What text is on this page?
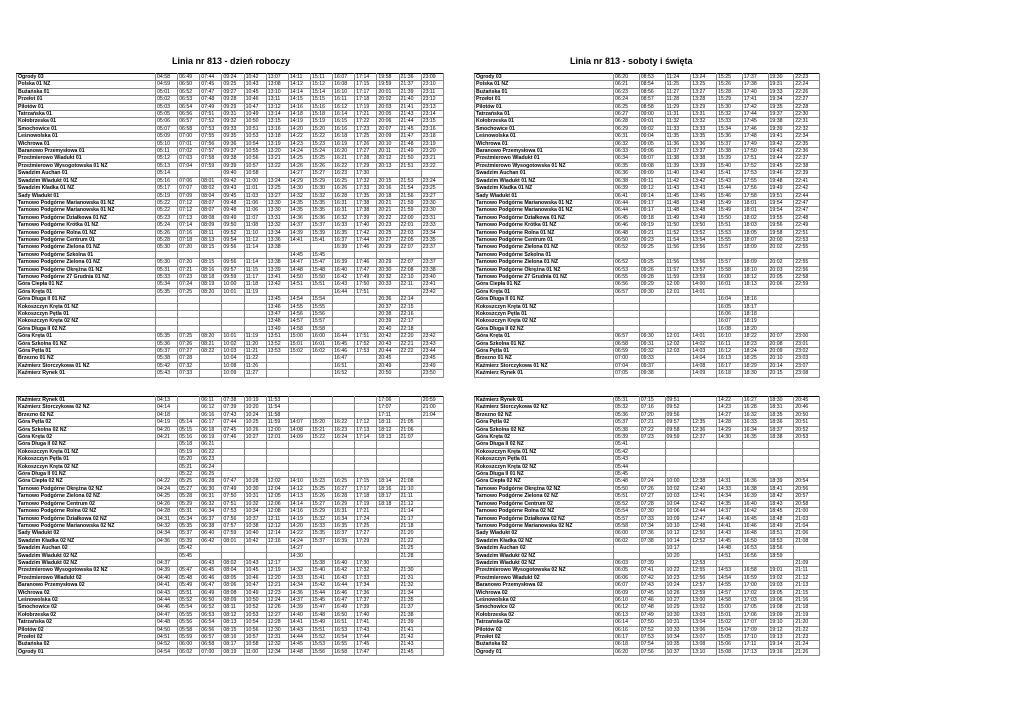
Linia nr 813 - dzień roboczy	Linia nr 813 - soboty i święta
Ogrody 03	04:58	06:49	07:44	09:24	10:42	13:07	14:11	15:11	16:07	17:14	19:58	21:36	23:09
Polska 01 NŻ	04:59	06:50	07:45	09:25	10:43	13:08	14:12	15:12	16:08	17:15	19:59	21:37	23:10
Bużańska 01	05:01	06:52	07:47	09:27	10:45	13:10	14:14	15:14	16:10	17:17	20:01	21:39	23:11
Przełot 01	05:02	06:53	07:48	09:28	10:46	13:11	14:15	15:15	16:11	17:18	20:02	21:40	23:12
Pilotów 01	05:03	06:54	07:49	09:29	10:47	13:12	14:16	15:16	16:12	17:19	20:03	21:41	23:13
Tatrzańska 01	05:05	06:56	07:51	09:31	10:49	13:14	14:18	15:18	16:14	17:21	20:05	21:43	23:14
Kołobrzeska 01	05:06	06:57	07:52	09:32	10:50	13:15	14:19	15:19	16:15	17:22	20:06	21:44	23:15
Smochowice 01	05:07	06:58	07:53	09:33	10:51	13:16	14:20	15:20	16:16	17:23	20:07	21:45	23:16
Leśnowolska 01	05:09	07:00	07:55	09:35	10:53	13:18	14:22	15:22	16:18	17:25	20:09	21:47	23:18
Wichrowa 01	05:10	07:01	07:56	09:36	10:54	13:19	14:23	15:23	16:19	17:26	20:10	21:48	23:19
Baranowo Przemysłowa 01	05:11	07:02	07:57	09:37	10:55	13:20	14:24	15:24	16:20	17:27	20:11	21:49	23:20
Przeźmierowo Wiadukt 01	05:12	07:03	07:58	09:38	10:56	13:21	14:25	15:25	16:21	17:28	20:12	21:50	23:21
Przeźmierowo Wysogotowska 01 NŻ	05:13	07:04	07:59	09:39	10:57	13:22	14:26	15:26	16:22	17:29	20:13	21:51	23:22
Swadzim Auchan 01	05:14			09:40	10:58		14:27	15:27	16:23	17:30			
Swadzim Wiadukt 01 NŻ	05:16	07:06	08:01	09:42	11:00	13:24	14:29	15:29	16:25	17:32	20:15	21:53	23:24
Swadzim Kładka 01 NŻ	05:17	07:07	08:02	09:43	11:01	13:25	14:30	15:30	16:26	17:33	20:16	21:54	23:25
Sady Wiadukt 01	05:19	07:09	08:04	09:45	11:03	13:27	14:32	15:32	16:28	17:35	20:18	21:56	23:27
Tarnowo Podgórne Marianowska 01 NŻ	05:22	07:12	08:07	09:48	11:06	13:30	14:35	15:35	16:31	17:38	20:21	21:59	23:30
Tarnowo Podgórne Marianowska 01 NŻ	05:22	07:12	08:07	09:48	11:06	13:30	14:35	15:35	16:31	17:38	20:21	21:59	23:30
Tarnowo Podgórne Działkowa 01 NŻ	05:23	07:13	08:08	09:49	11:07	13:31	14:36	15:36	16:32	17:39	20:22	22:00	23:31
Tarnowo Podgórne Krótka 01 NŻ	05:24	07:14	08:09	09:50	11:08	13:32	14:37	15:37	16:33	17:40	20:23	22:01	23:33
Tarnowo Podgórne Rolna 01 NŻ	05:26	07:16	08:11	09:52	11:10	13:34	14:39	15:39	16:35	17:42	20:25	22:03	23:34
Tarnowo Podgórne Centrum 01	05:28	07:18	08:13	09:54	11:12	13:36	14:41	15:41	16:37	17:44	20:27	22:05	23:35
Tarnowo Podgórne Zielona 01 NŻ	05:30	07:20	08:15	09:56	11:14	13:38			16:39	17:46	20:29	22:07	23:37
Tarnowo Podgórne Szkolna 01							14:45	15:45					
Tarnowo Podgórne Zielona 01 NŻ	05:30	07:20	08:15	09:56	11:14	13:38	14:47	15:47	16:39	17:46	20:29	22:07	23:37
Tarnowo Podgórne Okrężna 01 NŻ	05:31	07:21	08:16	09:57	11:15	13:39	14:48	15:48	16:40	17:47	20:30	22:08	23:38
Tarnowo Podgórne 27 Grudnia 01 NŻ	05:33	07:23	08:18	09:59	11:17	13:41	14:50	15:50	16:42	17:49	20:32	22:10	23:40
Góra Ciepła 01 NŻ	05:34	07:24	08:19	10:00	11:18	13:42	14:51	15:51	16:43	17:50	20:33	22:11	23:41
Góra Kręta 01	05:35	07:25	08:20	10:01	11:19				16:44	17:51			23:42
Góra Długa II 01 NŻ						13:45	14:54	15:54			20:36	22:14	
Kokoszczyn Kręta 01 NŻ						13:46	14:55	15:55			20:37	22:15	
Kokoszczyn Pętla 01						13:47	14:56	15:56			20:38	22:16	
Kokoszczyn Kręta 02 NŻ						13:48	14:57	15:57			20:39	22:17	
Góra Długa II 02 NŻ						13:49	14:58	15:58			20:40	22:18	
Góra Kręta 01	05:35	07:25	08:20	10:01	11:19	13:51	15:00	16:00	16:44	17:51	20:42	22:20	23:42
Góra Szkolna 01 NŻ	05:36	07:26	08:21	10:02	11:20	13:52	15:01	16:01	16:45	17:52	20:43	22:21	23:43
Góra Pętla 01	05:37	07:27	08:22	10:03	11:21	13:53	15:02	16:02	16:46	17:53	20:44	22:22	23:44
Brzezno 01 NŻ	05:38	07:28		10:04	11:22				16:47		20:45		23:45
Kaźmierz Storczykowa 01 NŻ	05:42	07:32		10:08	11:26				16:51		20:49		23:49
Kaźmierz Rynek 01	05:43	07:33		10:09	11:27				16:52		20:50		23:50
Kaźmierz Rynek 01	04:13		06:11	07:38	10:19	11:53					17:06		20:59
Kaźmierz Storczykowa 02 NŻ	04:14		06:12	07:39	10:20	11:54					17:07		21:00
Brzezno 02 NŻ	04:18		06:16	07:43	10:24	11:58					17:11		21:04
Góra Pętla 02	04:19	05:14	06:17	07:44	10:25	11:59	14:07	15:20	16:22	17:12	18:11	21:05	
Góra Szkolna 02 NŻ	04:20	05:15	06:18	07:45	10:26	12:00	14:08	15:21	16:23	17:13	18:12	21:06	
Góra Kręta 02	04:21	05:16	06:19	07:46	10:27	12:01	14:09	15:22	16:24	17:14	18:13	21:07	
Góra Długa II 02 NŻ		05:18	06:21										
Kokoszczyn Kręta 01 NŻ		05:19	06:22										
Kokoszczyn Pętla 01		05:20	06:23										
Kokoszczyn Kręta 02 NŻ		05:21	06:24										
Góra Długa II 01 NŻ		05:22	06:25										
Góra Ciepła 02 NŻ	04:22	05:25	06:28	07:47	10:28	12:02	14:10	15:23	16:25	17:15	18:14	21:08	
Tarnowo Podgórne Okrężna 02 NŻ	04:24	05:27	06:30	07:49	10:30	12:04	14:12	15:25	16:27	17:17	18:16	21:10	
Tarnowo Podgórne Zielona 02 NŻ	04:25	05:28	06:31	07:50	10:31	12:05	14:13	15:26	16:28	17:18	18:17	21:11	
Tarnowo Podgórne Centrum 02	04:26	05:29	06:32	07:51	10:32	12:06	14:14	15:27	16:29	17:19	18:18	21:12	
Tarnowo Podgórne Rolna 02 NŻ	04:28	05:31	06:34	07:53	10:34	12:08	14:16	15:29	16:31	17:21		21:14	
Tarnowo Podgórne Działkowa 02 NŻ	04:31	05:34	06:37	07:56	10:37	12:11	14:19	15:32	16:34	17:24		21:17	
Tarnowo Podgórne Marianowska 02 NŻ	04:32	05:35	06:38	07:57	10:38	12:12	14:20	15:33	16:35	17:25		21:18	
Sady Wiadukt 02	04:34	05:37	06:40	07:59	10:40	12:14	14:22	15:35	16:37	17:27		21:20	
Swadzim Kładka 02 NŻ	04:36	05:39	06:42	08:01	10:42	12:16	14:24	15:37	16:39	17:29		21:22	
Swadzim Auchan 02		05:42					14:27					21:25	
Swadzim Wiadukt 02 NŻ		05:45					14:30					21:28	
Swadzim Wiadukt 02 NŻ	04:37		06:43	08:02	10:43	12:17		15:38	16:40	17:30			
Przeźmierowo Wysogotowska 02 NŻ	04:39	05:47	06:45	08:04	10:45	12:19	14:32	15:40	16:42	17:32		21:30	
Przeźmierowo Wiadukt 02	04:40	05:48	06:46	08:05	10:46	12:20	14:33	15:41	16:43	17:33		21:31	
Baranowo Przemysłowa 02	04:41	05:49	06:47	08:06	10:47	12:21	14:34	15:42	16:44	17:34		21:32	
Wichrowa 02	04:43	05:51	06:49	08:08	10:49	12:23	14:36	15:44	16:46	17:36		21:34	
Leśnowolska 02	04:44	05:52	06:50	08:09	10:50	12:24	14:37	15:45	16:47	17:37		21:35	
Smochowice 02	04:46	05:54	06:52	08:11	10:52	12:26	14:39	15:47	16:49	17:39		21:37	
Kołobrzeska 02	04:47	05:55	06:53	08:12	10:53	12:27	14:40	15:48	16:50	17:40		21:38	
Tatrzańska 02	04:48	05:56	06:54	08:13	10:54	12:28	14:41	15:49	16:51	17:41		21:39	
Pilotów 02	04:50	05:58	06:56	08:15	10:56	12:30	14:43	15:51	16:53	17:43		21:41	
Przełot 02	04:51	05:59	06:57	08:16	10:57	12:31	14:44	15:52	16:54	17:44		21:42	
Bużańska 02	04:52	06:00	06:58	08:17	10:58	12:32	14:45	15:53	16:55	17:45		21:43	
Ogrody 01	04:54	06:02	07:00	08:19	11:00	12:34	14:48	15:56	16:58	17:47		21:45	
Ogrody 03	06:20	08:53	11:24	13:24	15:25	17:37	19:30	22:23
Polska 01 NŻ	06:21	08:54	11:25	13:25	15:26	17:38	19:31	22:24
Bużańska 01	06:23	08:56	11:27	13:27	15:28	17:40	19:33	22:26
Przełot 01	06:24	08:57	11:28	13:28	15:29	17:41	19:34	22:27
Pilotów 01	06:25	08:58	11:29	13:29	15:30	17:42	19:35	22:28
Tatrzańska 01	06:27	09:00	11:31	13:31	15:32	17:44	19:37	22:30
Kołobrzeska 01	06:28	09:01	11:32	13:32	15:33	17:45	19:38	22:31
Smochowice 01	06:29	09:02	11:33	13:33	15:34	17:46	19:39	22:32
Leśnowolska 01	06:31	09:04	11:35	13:35	15:36	17:48	19:41	22:34
Wichrowa 01	06:32	09:05	11:36	13:36	15:37	17:49	19:42	22:35
Baranowo Przemysłowa 01	06:33	09:06	11:37	13:37	15:38	17:50	19:43	22:36
Przeźmierowo Wiadukt 01	06:34	09:07	11:38	13:38	15:39	17:51	19:44	22:37
Przeźmierowo Wysogotowska 01 NŻ	06:35	09:08	11:39	13:39	15:40	17:52	19:45	22:38
Swadzim Auchan 01	06:36	09:09	11:40	13:40	15:41	17:53	19:46	22:39
Swadzim Wiadukt 01 NŻ	06:38	09:11	11:42	13:42	15:43	17:55	19:48	22:41
Swadzim Kładka 01 NŻ	06:39	09:12	11:43	13:43	15:44	17:56	19:49	22:42
Sady Wiadukt 01	06:41	09:14	11:45	13:45	15:46	17:58	19:51	22:44
Tarnowo Podgórne Marianowska 01 NŻ	06:44	09:17	11:48	13:48	15:49	18:01	19:54	22:47
Tarnowo Podgórne Marianowska 01 NŻ	06:44	09:17	11:48	13:48	15:49	18:01	19:54	22:47
Tarnowo Podgórne Działkowa 01 NŻ	06:45	09:18	11:49	13:49	15:50	18:02	19:55	22:48
Tarnowo Podgórne Krótka 01 NŻ	06:46	09:19	11:50	13:50	15:51	18:03	19:56	22:49
Tarnowo Podgórne Rolna 01 NŻ	06:48	09:21	11:52	13:52	15:53	18:05	19:58	22:51
Tarnowo Podgórne Centrum 01	06:50	09:23	11:54	13:54	15:55	18:07	20:00	22:53
Tarnowo Podgórne Zielona 01 NŻ	06:52	09:25	11:56	13:56	15:57	18:09	20:02	22:55
Tarnowo Podgórne Szkolna 01								
Tarnowo Podgórne Zielona 01 NŻ	06:52	09:25	11:56	13:56	15:57	18:09	20:02	22:55
Tarnowo Podgórne Okrężna 01 NŻ	06:53	09:26	11:57	13:57	15:58	18:10	20:03	22:56
Tarnowo Podgórne 27 Grudnia 01 NŻ	06:55	09:28	11:59	13:59	16:00	18:12	20:05	22:58
Góra Ciepła 01 NŻ	06:56	09:29	12:00	14:00	16:01	18:13	20:06	22:59
Góra Kręta 01	06:57	09:30	12:01	14:01				
Góra Długa II 01 NŻ					16:04	18:16		
Kokoszczyn Kręta 01 NŻ					16:05	18:17		
Kokoszczyn Pętla 01					16:06	18:18		
Kokoszczyn Kręta 02 NŻ					16:07	18:19		
Góra Długa II 02 NŻ					16:08	18:20		
Góra Kręta 01	06:57	09:30	12:01	14:01	16:10	18:22	20:07	23:00
Góra Szkolna 01 NŻ	06:58	09:31	12:02	14:02	16:11	18:23	20:08	23:01
Góra Pętla 01	06:59	09:32	12:03	14:03	16:12	18:24	20:09	23:02
Brzezno 01 NŻ	07:00	09:33		14:04	16:13	18:25	20:10	23:03
Kaźmierz Storczykowa 01 NŻ	07:04	09:37		14:08	16:17	18:29	20:14	23:07
Kaźmierz Rynek 01	07:05	09:38		14:09	16:18	18:30	20:15	23:08
Kaźmierz Rynek 01	05:31	07:15	09:51		14:22	16:27	18:30	20:45
Kaźmierz Storczykowa 02 NŻ	05:32	07:16	09:52		14:23	16:28	18:31	20:46
Brzezno 02 NŻ	05:36	07:20	09:56		14:27	16:32	18:35	20:50
Góra Pętla 02	05:37	07:21	09:57	12:35	14:28	16:33	18:36	20:51
Góra Szkolna 02 NŻ	05:38	07:22	09:58	12:36	14:29	16:34	18:37	20:52
Góra Kręta 02	05:39	07:23	09:59	12:37	14:30	16:35	18:38	20:53
Góra Długa II 02 NŻ	05:41							
Kokoszczyn Kręta 01 NŻ	05:42							
Kokoszczyn Pętla 01	05:43							
Kokoszczyn Kręta 02 NŻ	05:44							
Góra Długa II 01 NŻ	05:45							
Góra Ciepła 02 NŻ	05:48	07:24	10:00	12:38	14:31	16:36	18:39	20:54
Tarnowo Podgórne Okrężna 02 NŻ	05:50	07:26	10:02	12:40	14:33	16:38	18:41	20:56
Tarnowo Podgórne Zielona 02 NŻ	05:51	07:27	10:03	12:41	14:34	16:39	18:42	20:57
Tarnowo Podgórne Centrum 02	05:52	07:28	10:04	12:42	14:35	16:40	18:43	20:58
Tarnowo Podgórne Rolna 02 NŻ	05:54	07:30	10:06	12:44	14:37	16:42	18:45	21:00
Tarnowo Podgórne Działkowa 02 NŻ	05:57	07:33	10:09	12:47	14:40	16:45	18:48	21:03
Tarnowo Podgórne Marianowska 02 NŻ	05:58	07:34	10:10	12:48	14:41	16:46	18:49	21:04
Sady Wiadukt 02	06:00	07:36	10:12	12:50	14:43	16:48	18:51	21:06
Swadzim Kładka 02 NŻ	06:02	07:38	10:14	12:52	14:45	16:50	18:53	21:08
Swadzim Auchan 02			10:17		14:48	16:53	18:56	
Swadzim Wiadukt 02 NŻ			10:20		14:51	16:56	18:59	
Swadzim Wiadukt 02 NŻ	06:03	07:39		12:53				21:09
Przeźmierowo Wysogotowska 02 NŻ	06:05	07:41	10:22	12:55	14:53	16:58	19:01	21:11
Przeźmierowo Wiadukt 02	06:06	07:42	10:23	12:56	14:54	16:59	19:02	21:12
Baranowo Przemysłowa 02	06:07	07:43	10:24	12:57	14:55	17:00	19:03	21:13
Wichrowa 02	06:09	07:45	10:26	12:59	14:57	17:02	19:05	21:15
Leśnowolska 02	06:10	07:46	10:27	13:00	14:58	17:03	19:06	21:16
Smochowice 02	06:12	07:48	10:29	13:02	15:00	17:05	19:08	21:18
Kołobrzeska 02	06:13	07:49	10:30	13:03	15:01	17:06	19:09	21:19
Tatrzańska 02	06:14	07:50	10:31	13:04	15:02	17:07	19:10	21:20
Pilotów 02	06:16	07:52	10:33	13:06	15:04	17:09	19:12	21:22
Przełot 02	06:17	07:53	10:34	13:07	15:05	17:10	19:13	21:23
Bużańska 02	06:18	07:54	10:35	13:08	15:06	17:11	19:14	21:24
Ogrody 01	06:20	07:56	10:37	13:10	15:08	17:13	19:16	21:26
